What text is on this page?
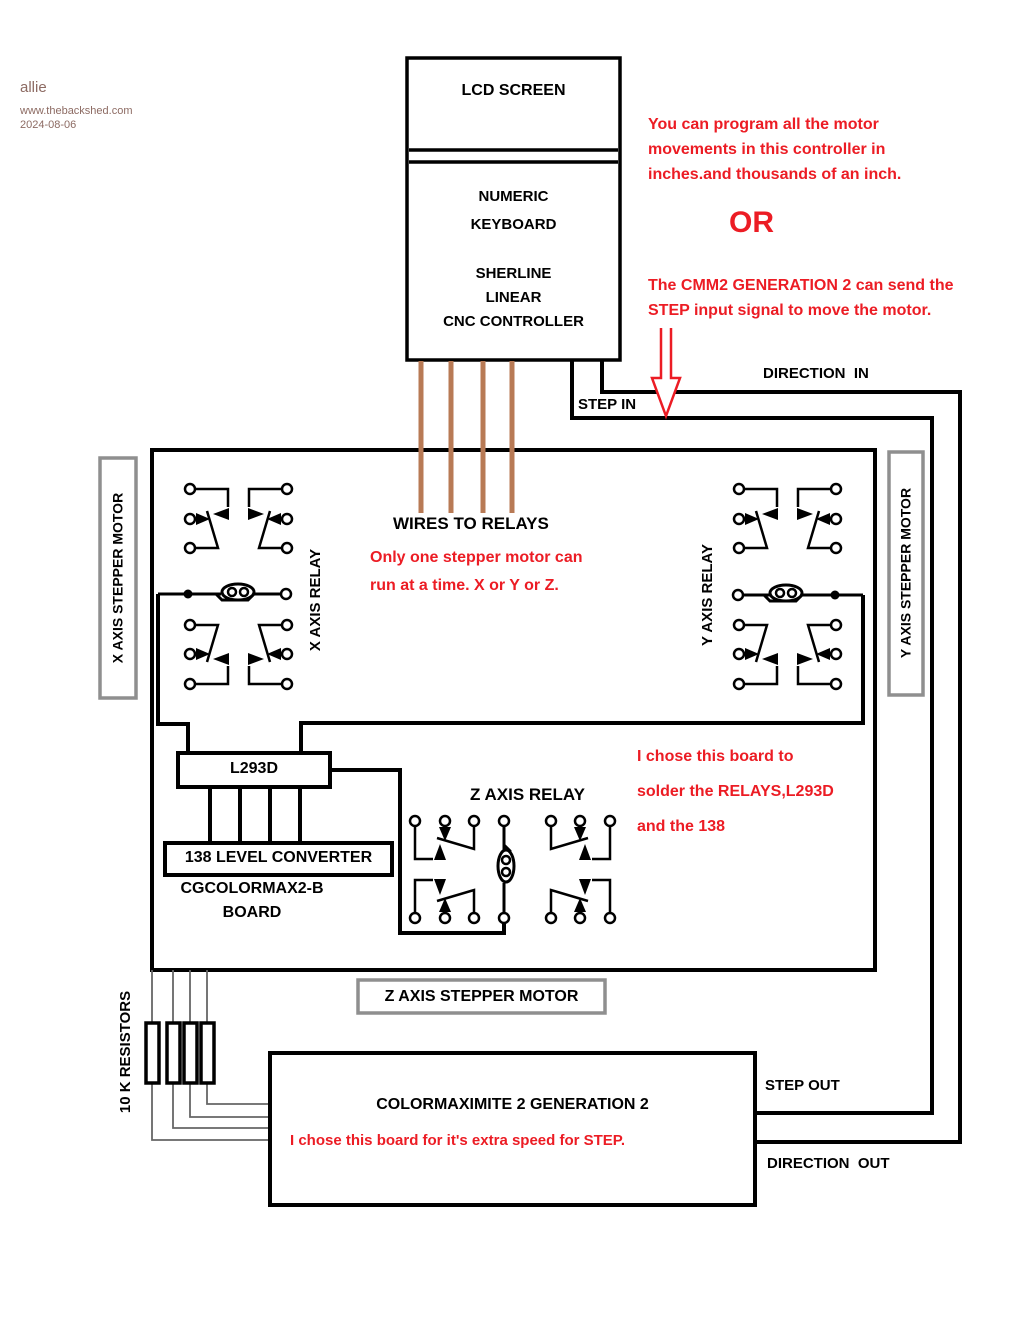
allie
www.thebackshed.com
2024-08-06
LCD SCREEN
NUMERIC
KEYBOARD
SHERLINE
LINEAR
CNC CONTROLLER
You can program all the motor
movements in this controller in
inches.and thousands of an inch.
OR
The CMM2 GENERATION 2 can send the
STEP input signal to move the motor.
DIRECTION  IN
STEP IN
WIRES TO RELAYS
Only one stepper motor can
run at a time. X or Y or Z.
X AXIS STEPPER MOTOR	Y AXIS STEPPER MOTOR
X AXIS RELAY	Y AXIS RELAY
L293D
138 LEVEL CONVERTER
CGCOLORMAX2-B
BOARD
Z AXIS RELAY
I chose this board to
solder the RELAYS,L293D
and the 138
Z AXIS STEPPER MOTOR
10 K RESISTORS	COLORMAXIMITE 2 GENERATION 2
I chose this board for it's extra speed for STEP.
STEP OUT
DIRECTION  OUT
